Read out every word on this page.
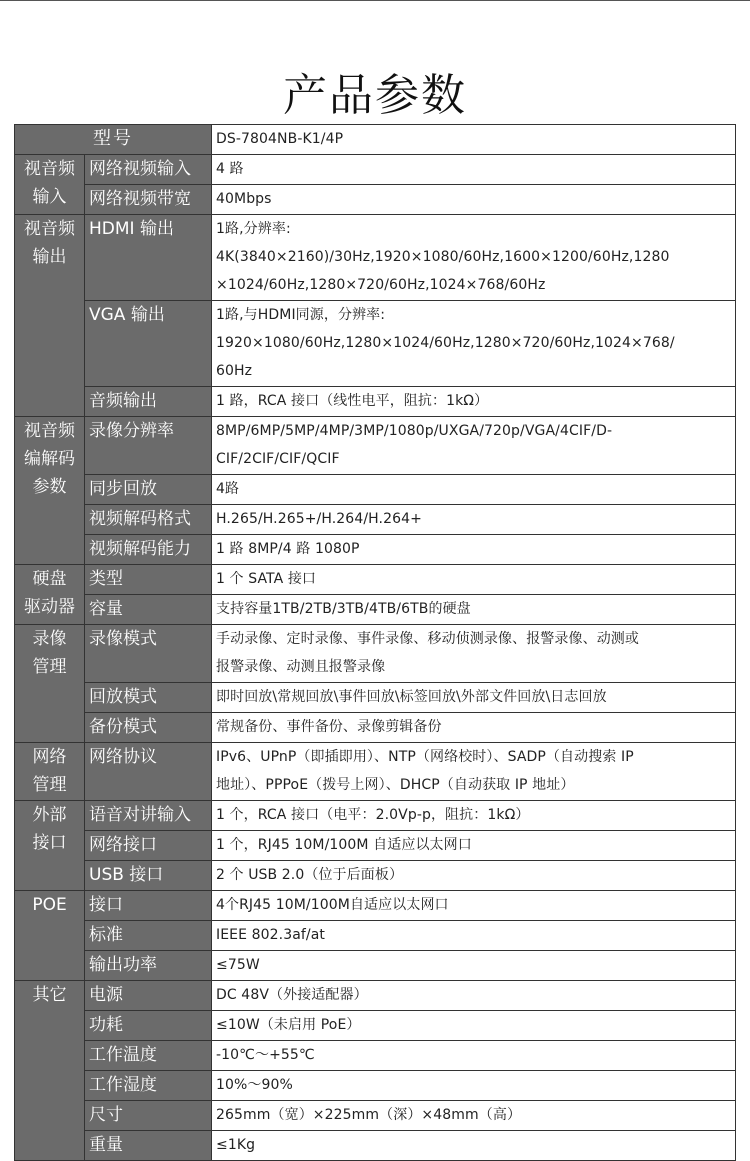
产品参数
型号		DS-7804NB-K1/4P

视音频
输入	网络视频输入	4 路

	网络视频带宽	40Mbps

视音频
输出	HDMI 输出	1路,分辨率:
4K(3840×2160)/30Hz,1920×1080/60Hz,1600×1200/60Hz,1280
×1024/60Hz,1280×720/60Hz,1024×768/60Hz

	VGA 输出	1路,与HDMI同源，分辨率:
1920×1080/60Hz,1280×1024/60Hz,1280×720/60Hz,1024×768/
60Hz

	音频输出	1 路，RCA 接口（线性电平，阻抗：1kΩ）

视音频
编解码
参数	录像分辨率	8MP/6MP/5MP/4MP/3MP/1080p/UXGA/720p/VGA/4CIF/D-
CIF/2CIF/CIF/QCIF

	同步回放	4路

	视频解码格式	H.265/H.265+/H.264/H.264+

	视频解码能力	1 路 8MP/4 路 1080P

硬盘
驱动器	类型	1 个 SATA 接口

	容量	支持容量1TB/2TB/3TB/4TB/6TB的硬盘

录像
管理	录像模式	手动录像、定时录像、事件录像、移动侦测录像、报警录像、动测或
报警录像、动测且报警录像

	回放模式	即时回放\常规回放\事件回放\标签回放\外部文件回放\日志回放

	备份模式	常规备份、事件备份、录像剪辑备份

网络
管理	网络协议	IPv6、UPnP（即插即用）、NTP（网络校时）、SADP（自动搜索 IP
地址）、PPPoE（拨号上网）、DHCP（自动获取 IP 地址）

外部
接口	语音对讲输入	1 个，RCA 接口（电平：2.0Vp-p，阻抗：1kΩ）

	网络接口	1 个，RJ45 10M/100M 自适应以太网口

	USB 接口	2 个 USB 2.0（位于后面板）

POE	接口	4个RJ45 10M/100M自适应以太网口

	标准	IEEE 802.3af/at

	输出功率	≤75W

其它	电源	DC 48V（外接适配器）

	功耗	≤10W（未启用 PoE）

	工作温度	-10℃～+55℃

	工作湿度	10%～90%

	尺寸	265mm（宽）×225mm（深）×48mm（高）

	重量	≤1Kg
